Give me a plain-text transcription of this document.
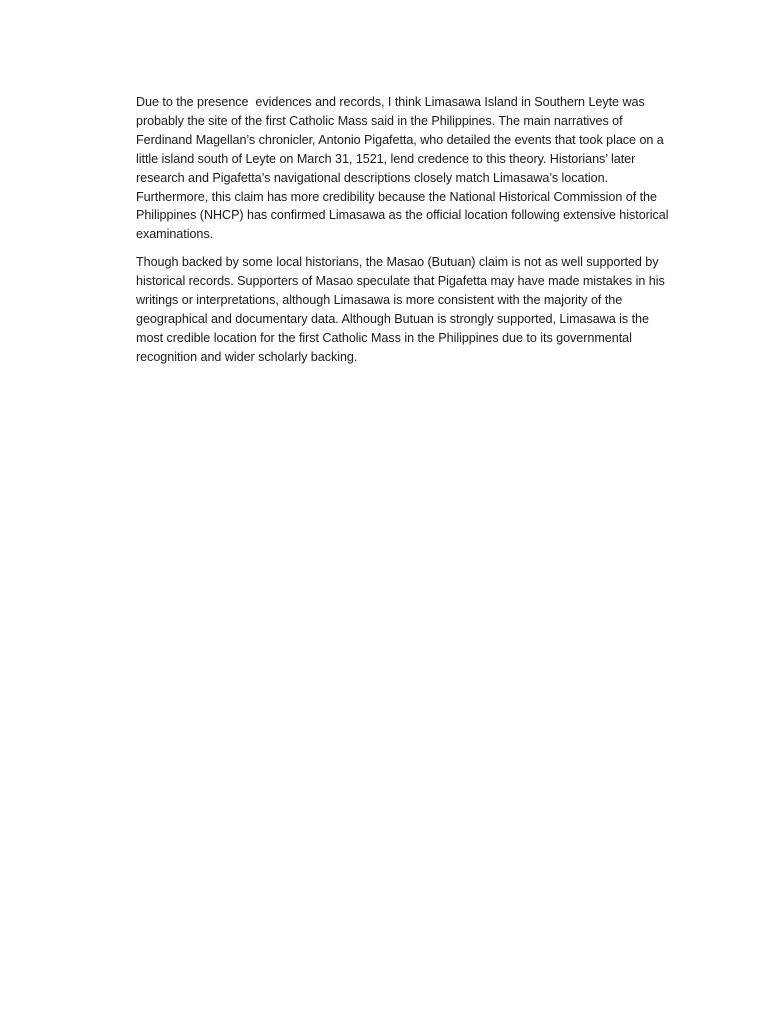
Due to the presence  evidences and records, I think Limasawa Island in Southern Leyte was probably the site of the first Catholic Mass said in the Philippines. The main narratives of Ferdinand Magellan’s chronicler, Antonio Pigafetta, who detailed the events that took place on a little island south of Leyte on March 31, 1521, lend credence to this theory. Historians’ later research and Pigafetta’s navigational descriptions closely match Limasawa’s location. Furthermore, this claim has more credibility because the National Historical Commission of the Philippines (NHCP) has confirmed Limasawa as the official location following extensive historical examinations.

Though backed by some local historians, the Masao (Butuan) claim is not as well supported by historical records. Supporters of Masao speculate that Pigafetta may have made mistakes in his writings or interpretations, although Limasawa is more consistent with the majority of the geographical and documentary data. Although Butuan is strongly supported, Limasawa is the most credible location for the first Catholic Mass in the Philippines due to its governmental recognition and wider scholarly backing.
